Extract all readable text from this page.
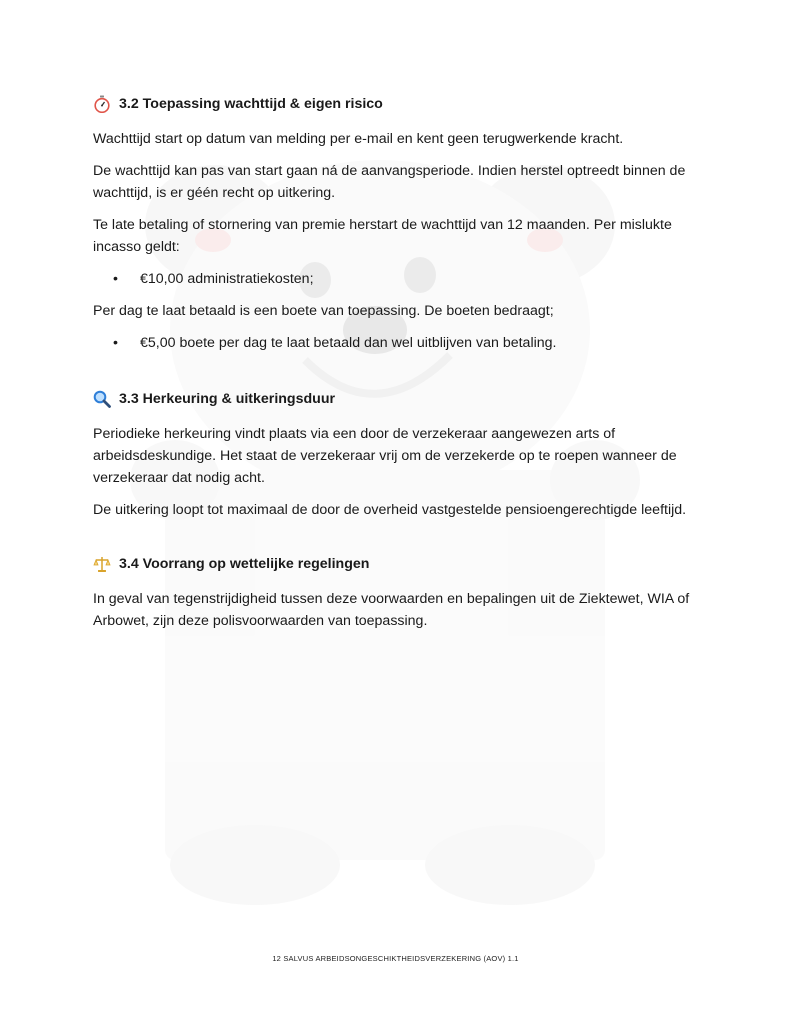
3.2 Toepassing wachttijd & eigen risico

Wachttijd start op datum van melding per e-mail en kent geen terugwerkende kracht.

De wachttijd kan pas van start gaan ná de aanvangsperiode. Indien herstel optreedt binnen de wachttijd, is er géén recht op uitkering.

Te late betaling of stornering van premie herstart de wachttijd van 12 maanden. Per mislukte incasso geldt:

•	€10,00 administratiekosten;

Per dag te laat betaald is een boete van toepassing. De boeten bedraagt;

•	€5,00 boete per dag te laat betaald dan wel uitblijven van betaling.
3.3 Herkeuring & uitkeringsduur

Periodieke herkeuring vindt plaats via een door de verzekeraar aangewezen arts of arbeidsdeskundige. Het staat de verzekeraar vrij om de verzekerde op te roepen wanneer de verzekeraar dat nodig acht.

De uitkering loopt tot maximaal de door de overheid vastgestelde pensioengerechtigde leeftijd.

3.4 Voorrang op wettelijke regelingen

In geval van tegenstrijdigheid tussen deze voorwaarden en bepalingen uit de Ziektewet, WIA of Arbowet, zijn deze polisvoorwaarden van toepassing.

12 SALVUS ARBEIDSONGESCHIKTHEIDSVERZEKERING (AOV) 1.1
